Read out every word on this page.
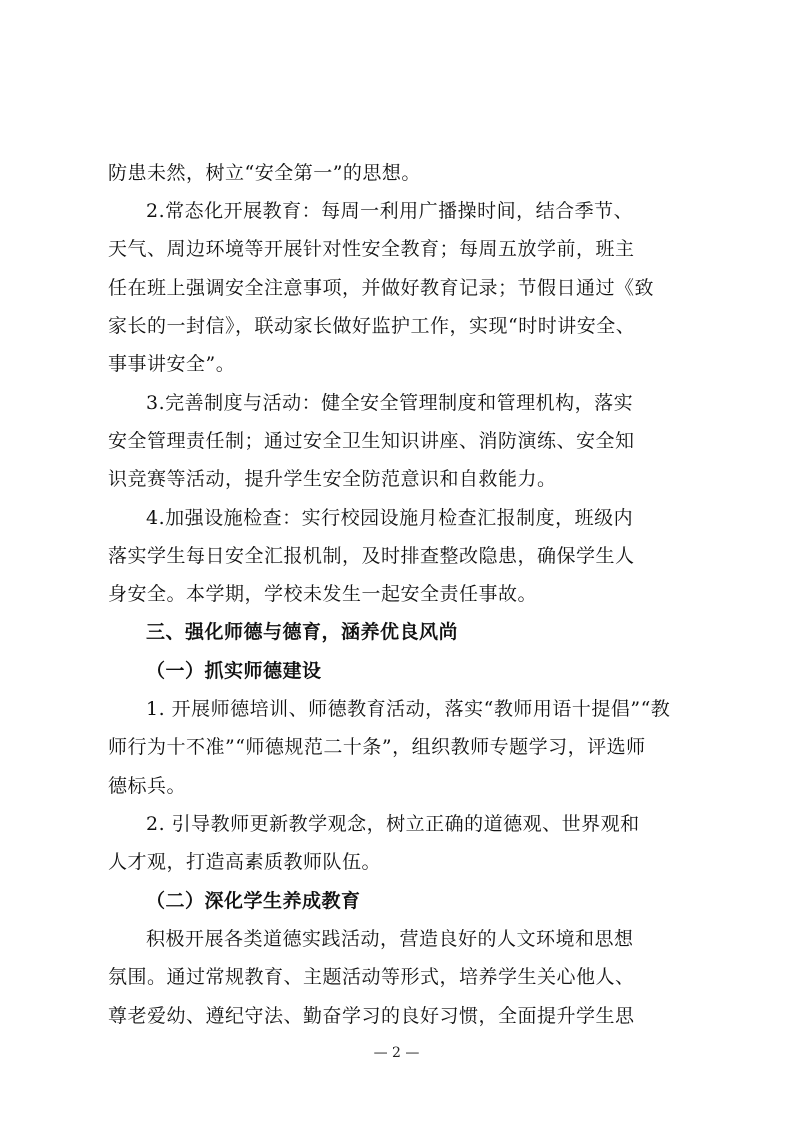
防患未然，树立“安全第一”的思想。
2.常态化开展教育：每周一利用广播操时间，结合季节、
天气、周边环境等开展针对性安全教育；每周五放学前，班主
任在班上强调安全注意事项，并做好教育记录；节假日通过《致
家长的一封信》，联动家长做好监护工作，实现“时时讲安全、
事事讲安全”。
3.完善制度与活动：健全安全管理制度和管理机构，落实
安全管理责任制；通过安全卫生知识讲座、消防演练、安全知
识竞赛等活动，提升学生安全防范意识和自救能力。
4.加强设施检查：实行校园设施月检查汇报制度，班级内
落实学生每日安全汇报机制，及时排查整改隐患，确保学生人
身安全。本学期，学校未发生一起安全责任事故。
三、强化师德与德育，涵养优良风尚
（一）抓实师德建设
1. 开展师德培训、师德教育活动，落实“教师用语十提倡”“教
师行为十不准”“师德规范二十条”，组织教师专题学习，评选师
德标兵。
2. 引导教师更新教学观念，树立正确的道德观、世界观和
人才观，打造高素质教师队伍。
（二）深化学生养成教育
积极开展各类道德实践活动，营造良好的人文环境和思想
氛围。通过常规教育、主题活动等形式，培养学生关心他人、
尊老爱幼、遵纪守法、勤奋学习的良好习惯，全面提升学生思
— 2 —
